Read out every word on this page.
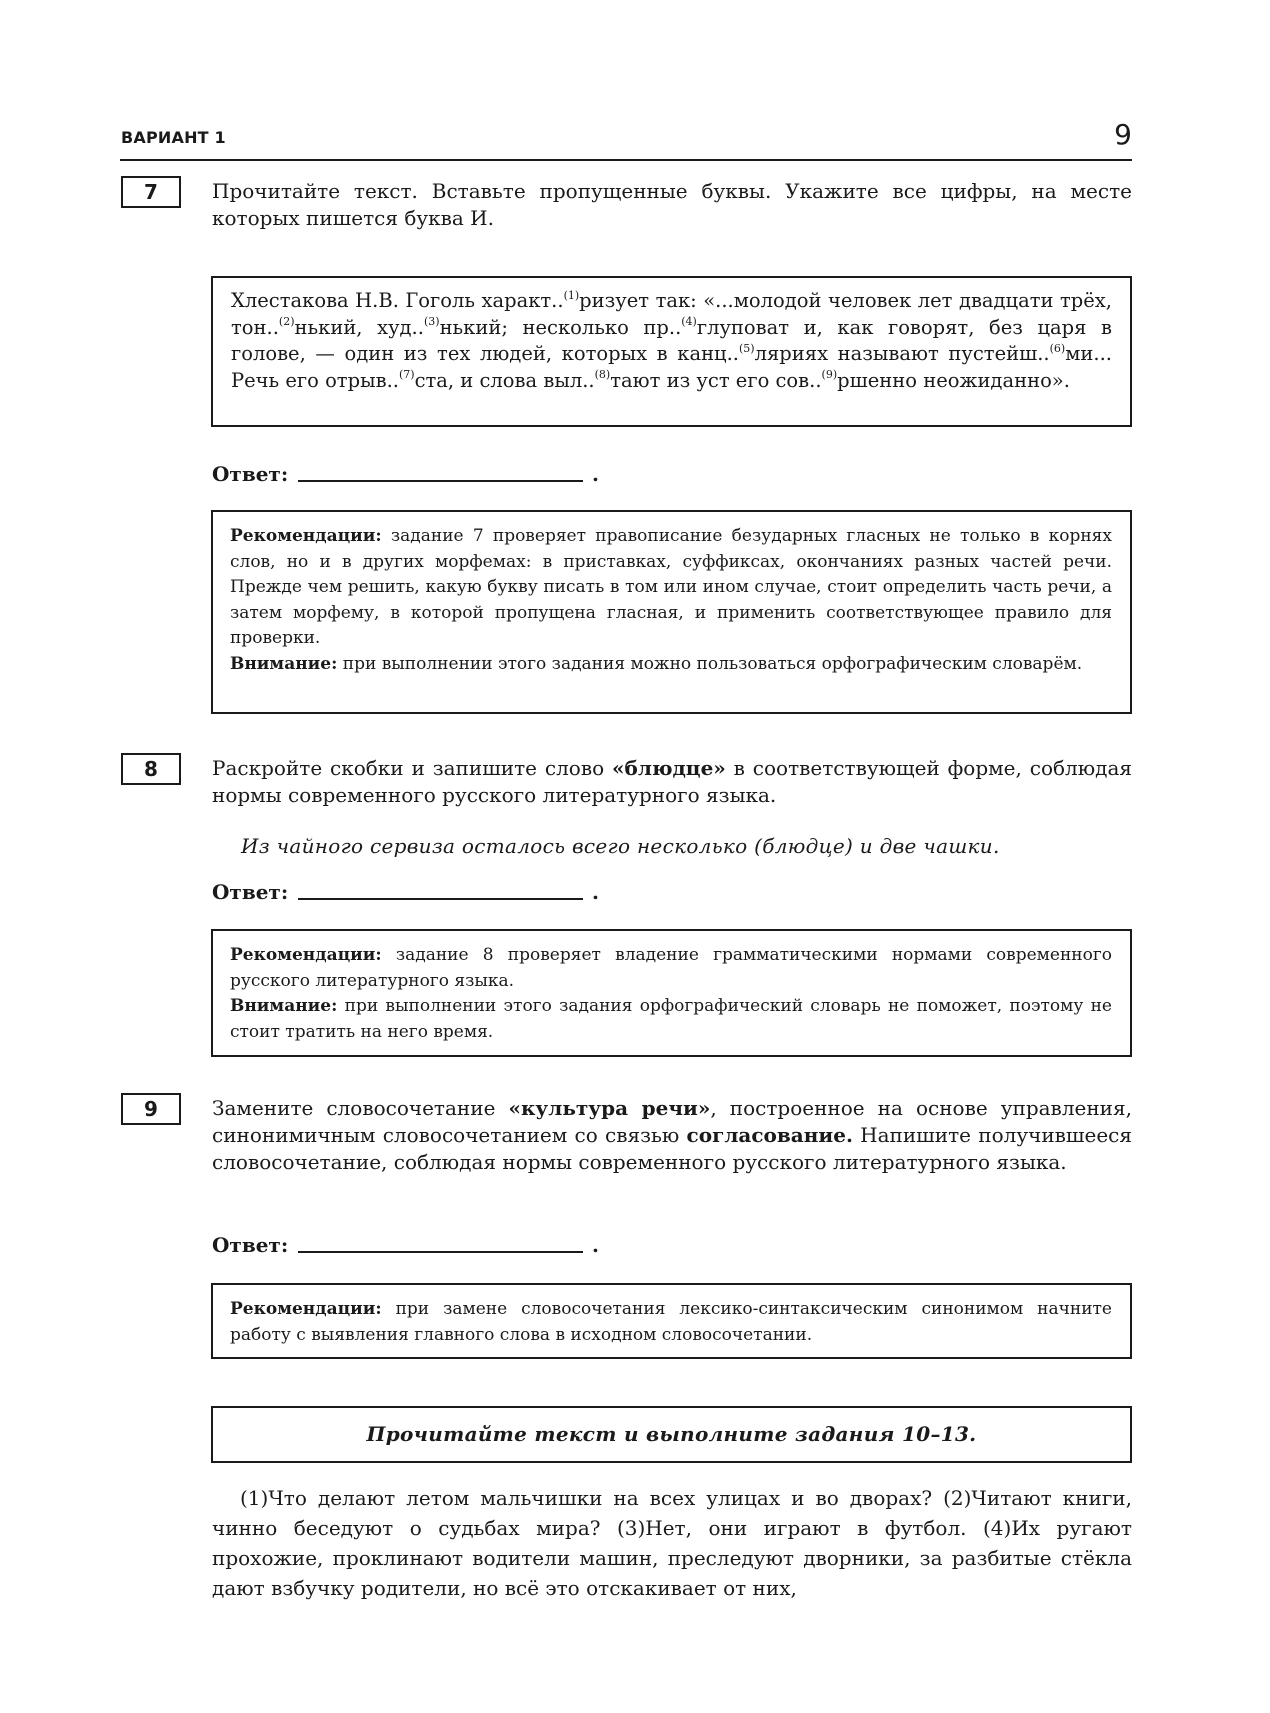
ВАРИАНТ 1	9
7	Прочитайте текст. Вставьте пропущенные буквы. Укажите все цифры, на месте которых пишется буква И.
Хлестакова Н.В. Гоголь характ..$^{(1)}$ризует так: «...молодой человек лет двадцати трёх, тон..$^{(2)}$нький, худ..$^{(3)}$нький; несколько пр..$^{(4)}$глуповат и, как говорят, без царя в голове, — один из тех людей, которых в канц..$^{(5)}$ляриях называют пустейш..$^{(6)}$ми... Речь его отрыв..$^{(7)}$ста, и слова выл..$^{(8)}$тают из уст его сов..$^{(9)}$ршенно неожиданно».
Ответ:	.
Рекомендации: задание 7 проверяет правописание безударных гласных не только в корнях слов, но и в других морфемах: в приставках, суффиксах, окончаниях разных частей речи. Прежде чем решить, какую букву писать в том или ином случае, стоит определить часть речи, а затем морфему, в которой пропущена гласная, и применить соответствующее правило для проверки.
Внимание: при выполнении этого задания можно пользоваться орфографическим словарём.
8	Раскройте скобки и запишите слово «блюдце» в соответствующей форме, соблюдая нормы современного русского литературного языка.
Из чайного сервиза осталось всего несколько (блюдце) и две чашки.
Ответ:	.
Рекомендации: задание 8 проверяет владение грамматическими нормами современного русского литературного языка.
Внимание: при выполнении этого задания орфографический словарь не поможет, поэтому не стоит тратить на него время.
9	Замените словосочетание «культура речи», построенное на основе управления, синонимичным словосочетанием со связью согласование. Напишите получившееся словосочетание, соблюдая нормы современного русского литературного языка.
Ответ:	.
Рекомендации: при замене словосочетания лексико-синтаксическим синонимом начните работу с выявления главного слова в исходном словосочетании.
Прочитайте текст и выполните задания 10–13.
(1)Что делают летом мальчишки на всех улицах и во дворах? (2)Читают книги, чинно беседуют о судьбах мира? (3)Нет, они играют в футбол. (4)Их ругают прохожие, проклинают водители машин, преследуют дворники, за разбитые стёкла дают взбучку родители, но всё это отскакивает от них,
